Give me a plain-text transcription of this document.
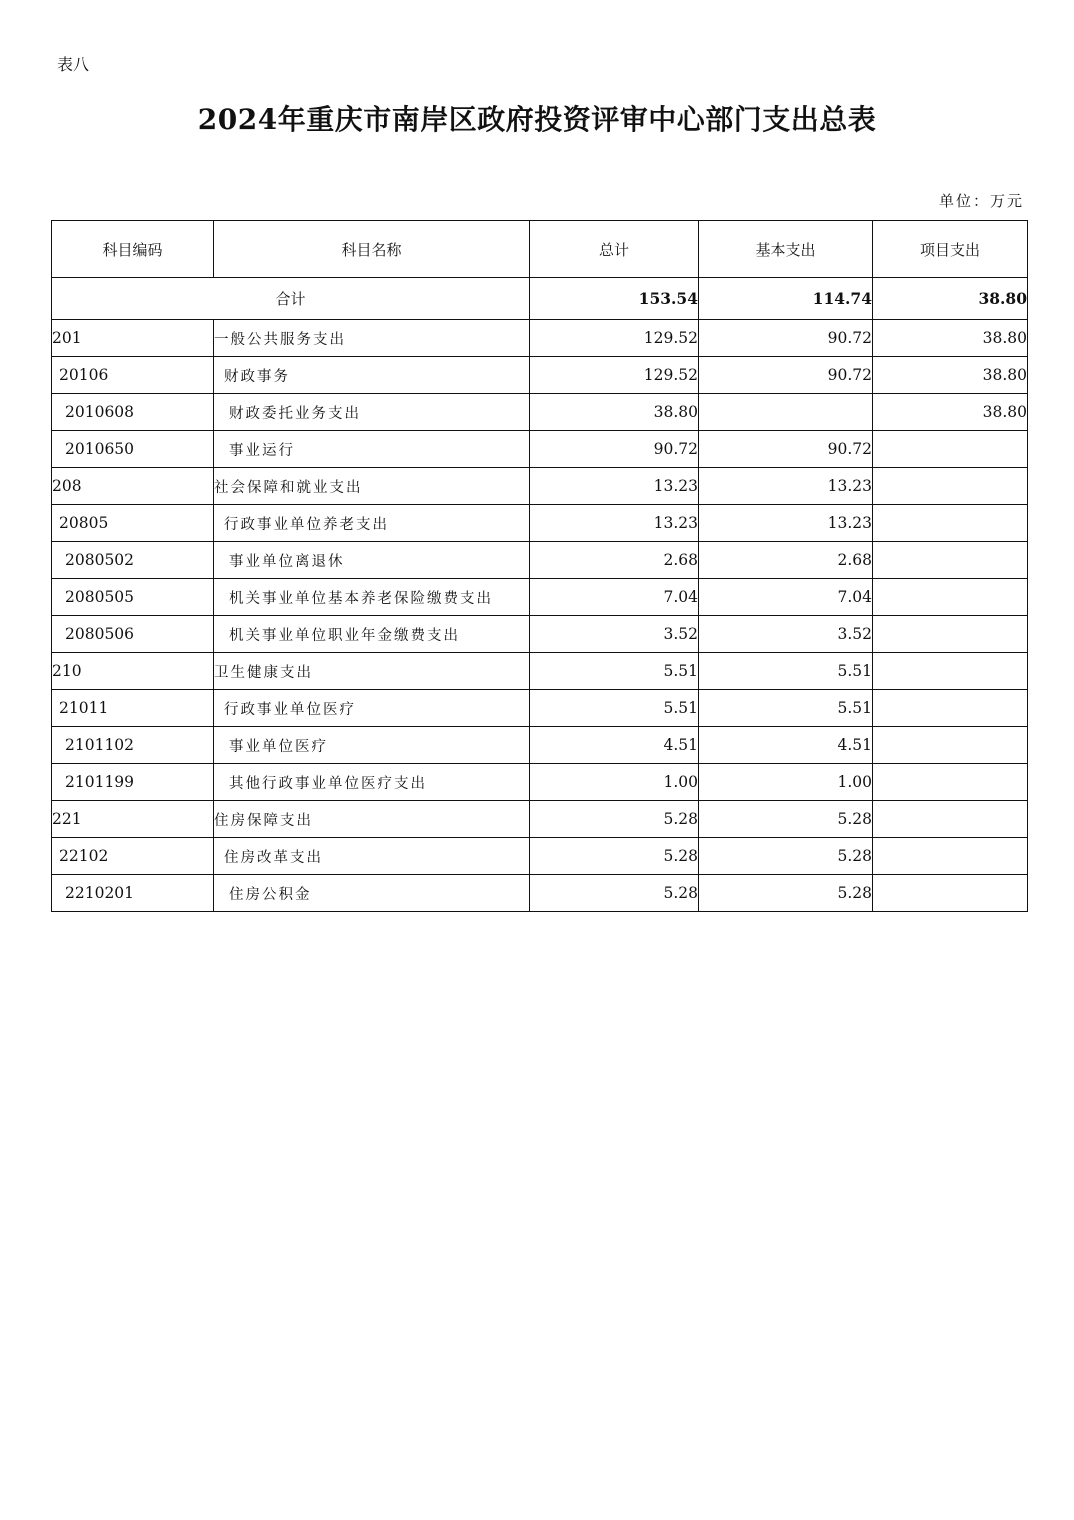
表八
2024年重庆市南岸区政府投资评审中心部门支出总表
单位：万元
科目编码	科目名称	总计	基本支出	项目支出
合计		153.54	114.74	38.80
201	一般公共服务支出	129.52	90.72	38.80
20106	财政事务	129.52	90.72	38.80
2010608	财政委托业务支出	38.80		38.80
2010650	事业运行	90.72	90.72	
208	社会保障和就业支出	13.23	13.23	
20805	行政事业单位养老支出	13.23	13.23	
2080502	事业单位离退休	2.68	2.68	
2080505	机关事业单位基本养老保险缴费支出	7.04	7.04	
2080506	机关事业单位职业年金缴费支出	3.52	3.52	
210	卫生健康支出	5.51	5.51	
21011	行政事业单位医疗	5.51	5.51	
2101102	事业单位医疗	4.51	4.51	
2101199	其他行政事业单位医疗支出	1.00	1.00	
221	住房保障支出	5.28	5.28	
22102	住房改革支出	5.28	5.28	
2210201	住房公积金	5.28	5.28	
